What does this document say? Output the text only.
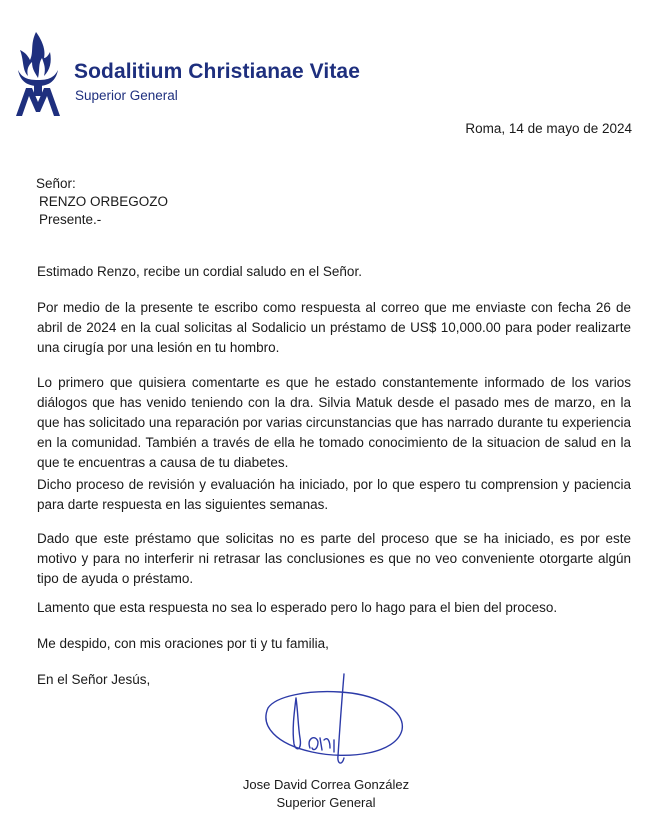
Sodalitium Christianae Vitae
Superior General
Roma, 14 de mayo de 2024
Señor:
RENZO ORBEGOZO
Presente.-
Estimado Renzo, recibe un cordial saludo en el Señor.
Por medio de la presente te escribo como respuesta al correo que me enviaste con fecha 26 de abril de 2024 en la cual solicitas al Sodalicio un préstamo de US$ 10,000.00 para poder realizarte una cirugía por una lesión en tu hombro.
Lo primero que quisiera comentarte es que he estado constantemente informado de los varios diálogos que has venido teniendo con la dra. Silvia Matuk desde el pasado mes de marzo, en la que has solicitado una reparación por varias circunstancias que has narrado durante tu experiencia en la comunidad. También a través de ella he tomado conocimiento de la situacion de salud en la que te encuentras a causa de tu diabetes.
Dicho proceso de revisión y evaluación ha iniciado, por lo que espero tu comprension y paciencia para darte respuesta en las siguientes semanas.
Dado que este préstamo que solicitas no es parte del proceso que se ha iniciado, es por este motivo y para no interferir ni retrasar las conclusiones es que no veo conveniente otorgarte algún tipo de ayuda o préstamo.
Lamento que esta respuesta no sea lo esperado pero lo hago para el bien del proceso.
Me despido, con mis oraciones por ti y tu familia,
En el Señor Jesús,
Jose David Correa González
Superior General
